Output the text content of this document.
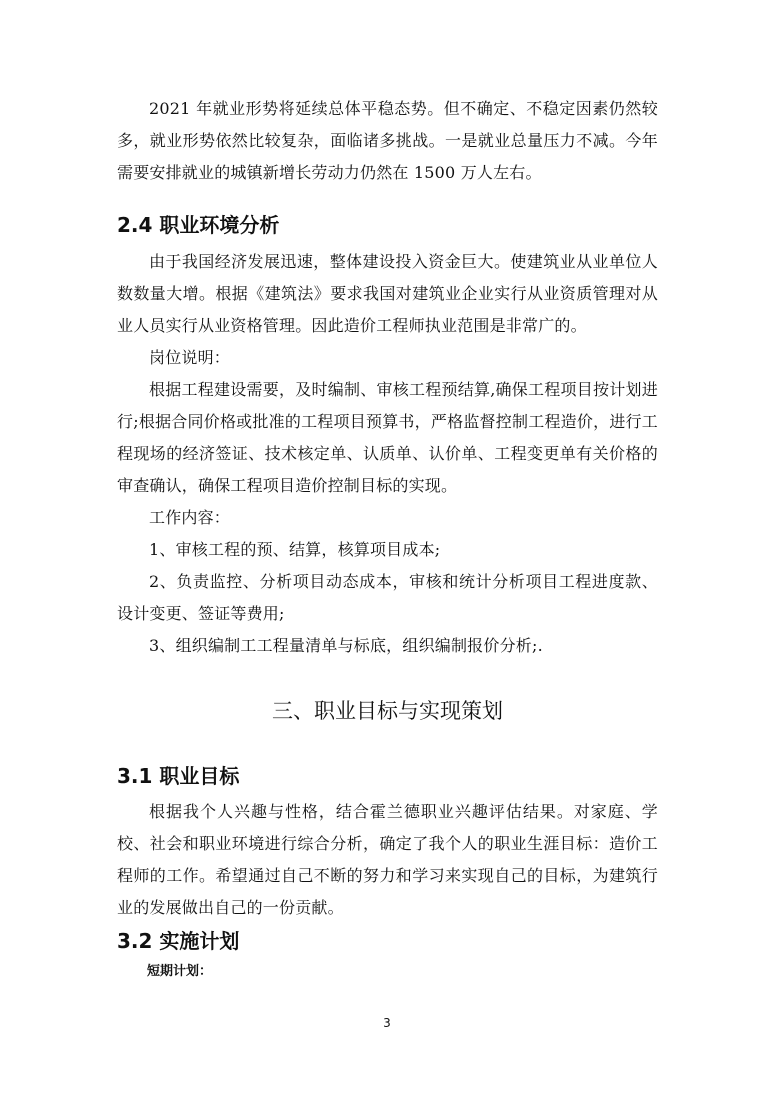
2021 年就业形势将延续总体平稳态势。但不确定、不稳定因素仍然较多，就业形势依然比较复杂，面临诸多挑战。一是就业总量压力不减。今年需要安排就业的城镇新增长劳动力仍然在 1500 万人左右。

2.4 职业环境分析

由于我国经济发展迅速，整体建设投入资金巨大。使建筑业从业单位人数数量大增。根据《建筑法》要求我国对建筑业企业实行从业资质管理对从业人员实行从业资格管理。因此造价工程师执业范围是非常广的。

岗位说明：

根据工程建设需要，及时编制、审核工程预结算,确保工程项目按计划进行;根据合同价格或批准的工程项目预算书，严格监督控制工程造价，进行工程现场的经济签证、技术核定单、认质单、认价单、工程变更单有关价格的审查确认，确保工程项目造价控制目标的实现。

工作内容：

1、审核工程的预、结算，核算项目成本;

2、负责监控、分析项目动态成本，审核和统计分析项目工程进度款、设计变更、签证等费用;

3、组织编制工工程量清单与标底，组织编制报价分析;.

三、职业目标与实现策划
3.1 职业目标

根据我个人兴趣与性格，结合霍兰德职业兴趣评估结果。对家庭、学校、社会和职业环境进行综合分析，确定了我个人的职业生涯目标：造价工程师的工作。希望通过自己不断的努力和学习来实现自己的目标，为建筑行业的发展做出自己的一份贡献。

3.2 实施计划
短期计划：
3
